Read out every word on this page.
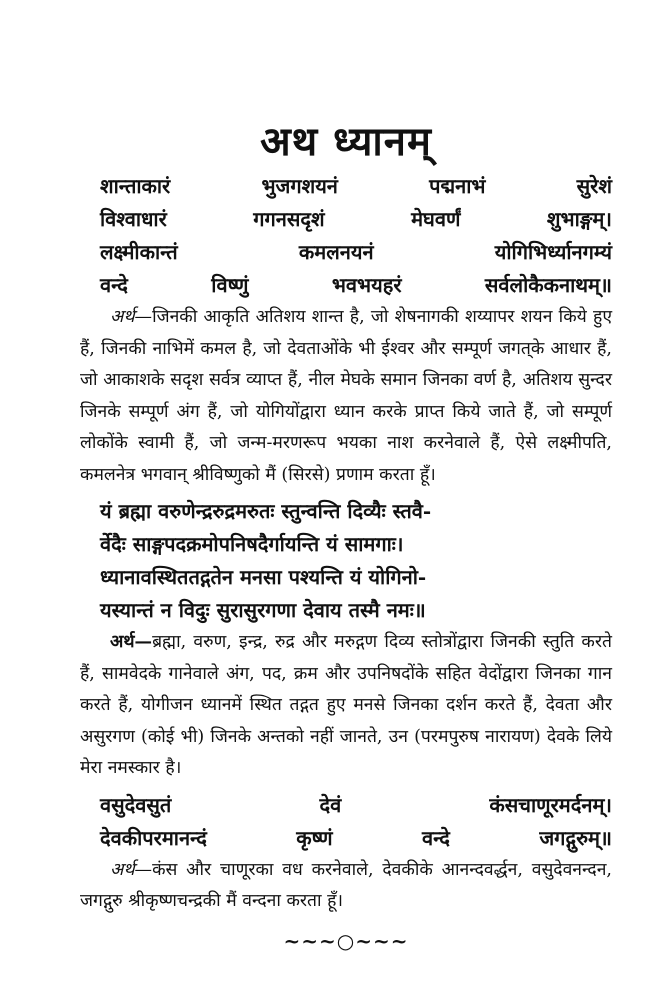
अथ ध्यानम्
शान्ताकारं	भुजगशयनं	पद्मनाभं	सुरेशं
विश्वाधारं	गगनसदृशं	मेघवर्णं	शुभाङ्गम्।
लक्ष्मीकान्तं	कमलनयनं	योगिभिर्ध्यानगम्यं
वन्दे	विष्णुं	भवभयहरं	सर्वलोकैकनाथम्॥

अर्थ—जिनकी आकृति अतिशय शान्त है, जो शेषनागकी शय्यापर शयन किये हुए हैं, जिनकी नाभिमें कमल है, जो देवताओंके भी ईश्वर और सम्पूर्ण जगत्‌के आधार हैं, जो आकाशके सदृश सर्वत्र व्याप्त हैं, नील मेघके समान जिनका वर्ण है, अतिशय सुन्दर जिनके सम्पूर्ण अंग हैं, जो योगियोंद्वारा ध्यान करके प्राप्त किये जाते हैं, जो सम्पूर्ण लोकोंके स्वामी हैं, जो जन्म-मरणरूप भयका नाश करनेवाले हैं, ऐसे लक्ष्मीपति, कमलनेत्र भगवान् श्रीविष्णुको मैं (सिरसे) प्रणाम करता हूँ।

यं ब्रह्मा वरुणेन्द्ररुद्रमरुतः स्तुन्वन्ति दिव्यैः स्तवै-
र्वेदैः साङ्गपदक्रमोपनिषदैर्गायन्ति यं सामगाः।
ध्यानावस्थिततद्गतेन मनसा पश्यन्ति यं योगिनो-
यस्यान्तं न विदुः सुरासुरगणा देवाय तस्मै नमः॥

अर्थ—ब्रह्मा, वरुण, इन्द्र, रुद्र और मरुद्गण दिव्य स्तोत्रोंद्वारा जिनकी स्तुति करते हैं, सामवेदके गानेवाले अंग, पद, क्रम और उपनिषदोंके सहित वेदोंद्वारा जिनका गान करते हैं, योगीजन ध्यानमें स्थित तद्गत हुए मनसे जिनका दर्शन करते हैं, देवता और असुरगण (कोई भी) जिनके अन्तको नहीं जानते, उन (परमपुरुष नारायण) देवके लिये मेरा नमस्कार है।

वसुदेवसुतं	देवं	कंसचाणूरमर्दनम्।
देवकीपरमानन्दं	कृष्णं	वन्दे	जगद्गुरुम्॥

अर्थ—कंस और चाणूरका वध करनेवाले, देवकीके आनन्दवर्द्धन, वसुदेवनन्दन, जगद्गुरु श्रीकृष्णचन्द्रकी मैं वन्दना करता हूँ।

~~~○~~~
